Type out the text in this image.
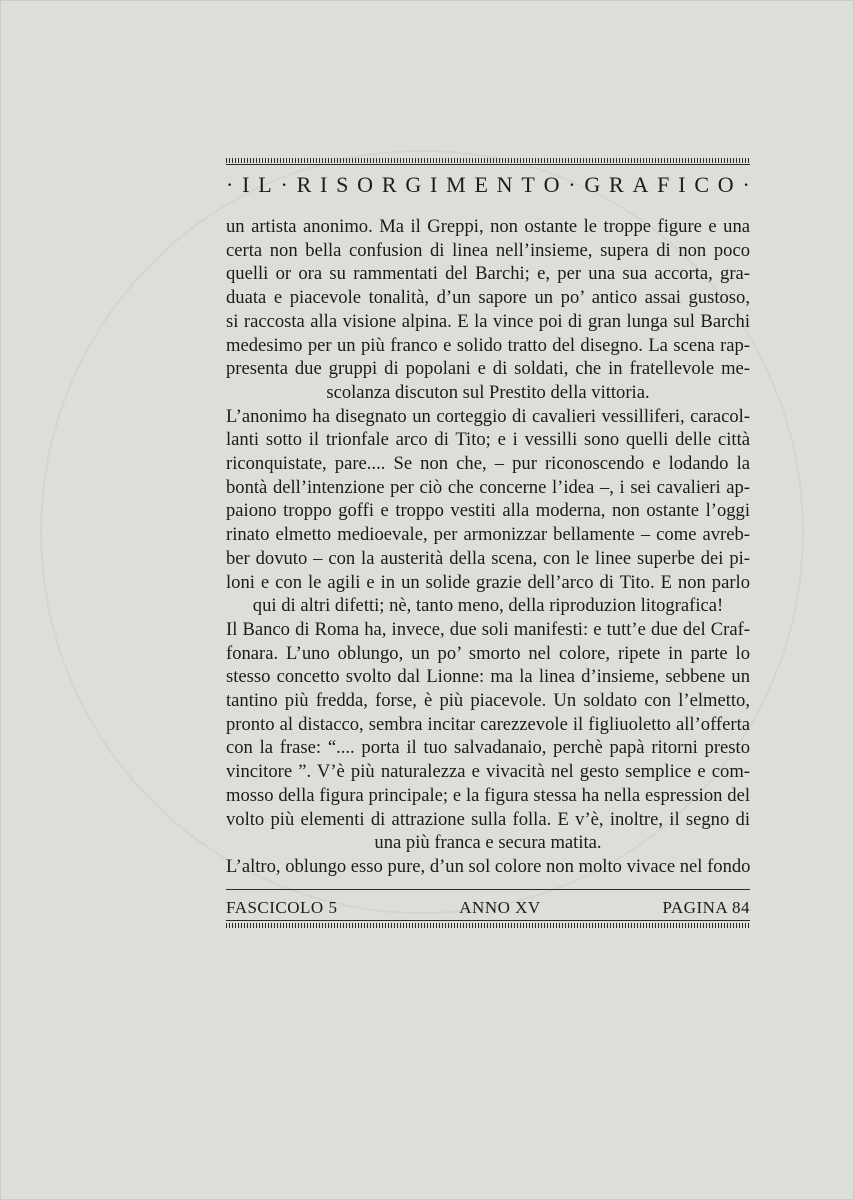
· I L · R I S O R G I M E N T O · G R A F I C O ·
un artista anonimo. Ma il Greppi, non ostante le troppe figure e una
certa non bella confusion di linea nell’insieme, supera di non poco
quelli or ora su rammentati del Barchi; e, per una sua accorta, gra-
duata e piacevole tonalità, d’un sapore un po’ antico assai gustoso,
si raccosta alla visione alpina. E la vince poi di gran lunga sul Barchi
medesimo per un più franco e solido tratto del disegno. La scena rap-
presenta due gruppi di popolani e di soldati, che in fratellevole me-
scolanza discuton sul Prestito della vittoria.
L’anonimo ha disegnato un corteggio di cavalieri vessilliferi, caracol-
lanti sotto il trionfale arco di Tito; e i vessilli sono quelli delle città
riconquistate, pare.... Se non che, – pur riconoscendo e lodando la
bontà dell’intenzione per ciò che concerne l’idea –, i sei cavalieri ap-
paiono troppo goffi e troppo vestiti alla moderna, non ostante l’oggi
rinato elmetto medioevale, per armonizzar bellamente – come avreb-
ber dovuto – con la austerità della scena, con le linee superbe dei pi-
loni e con le agili e in un solide grazie dell’arco di Tito. E non parlo
qui di altri difetti; nè, tanto meno, della riproduzion litografica!
Il Banco di Roma ha, invece, due soli manifesti: e tutt’e due del Craf-
fonara. L’uno oblungo, un po’ smorto nel colore, ripete in parte lo
stesso concetto svolto dal Lionne: ma la linea d’insieme, sebbene un
tantino più fredda, forse, è più piacevole. Un soldato con l’elmetto,
pronto al distacco, sembra incitar carezzevole il figliuoletto all’offerta
con la frase: “.... porta il tuo salvadanaio, perchè papà ritorni presto
vincitore ”. V’è più naturalezza e vivacità nel gesto semplice e com-
mosso della figura principale; e la figura stessa ha nella espression del
volto più elementi di attrazione sulla folla. E v’è, inoltre, il segno di
una più franca e secura matita.
L’altro, oblungo esso pure, d’un sol colore non molto vivace nel fondo
FASCICOLO 5	ANNO XV	PAGINA 84
